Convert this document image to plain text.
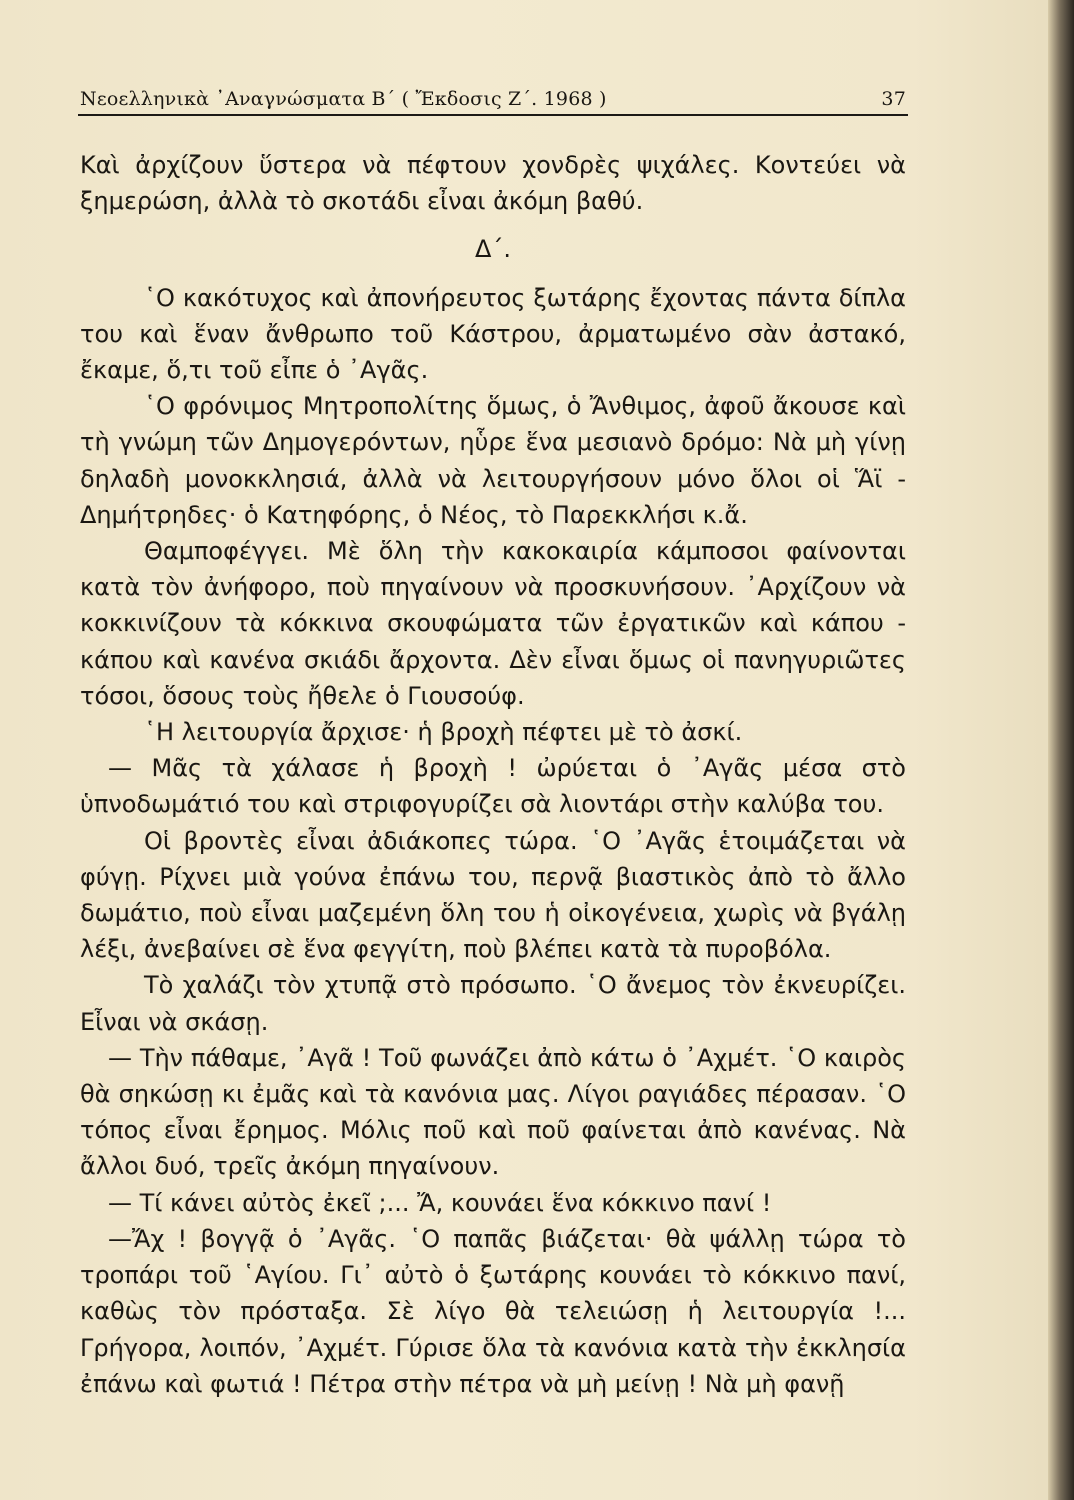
Νεοελληνικὰ ᾿Αναγνώσματα Β΄ ( Ἔκδοσις Ζ΄. 1968 )	37

Καὶ ἀρχίζουν ὕστερα νὰ πέφτουν χονδρὲς ψιχάλες. Κοντεύει νὰ ξημερώση, ἀλλὰ τὸ σκοτάδι εἶναι ἀκόμη βαθύ.

Δ΄.

῾Ο κακότυχος καὶ ἀπονήρευτος ξωτάρης ἔχοντας πάντα δίπλα του καὶ ἕναν ἄνθρωπο τοῦ Κάστρου, ἀρματωμένο σὰν ἀστακό, ἔκαμε, ὅ,τι τοῦ εἶπε ὁ ᾿Αγᾶς.

῾Ο φρόνιμος Μητροπολίτης ὅμως, ὁ Ἄνθιμος, ἀφοῦ ἄκουσε καὶ τὴ γνώμη τῶν Δημογερόντων, ηὗρε ἕνα μεσιανὸ δρόμο: Νὰ μὴ γίνῃ δηλαδὴ μονοκκλησιά, ἀλλὰ νὰ λειτουργήσουν μόνο ὅλοι οἱ Ἅϊ - Δημήτρηδες· ὁ Κατηφόρης, ὁ Νέος, τὸ Παρεκκλήσι κ.ἄ.

Θαμποφέγγει. Μὲ ὅλη τὴν κακοκαιρία κάμποσοι φαίνονται κατὰ τὸν ἀνήφορο, ποὺ πηγαίνουν νὰ προσκυνήσουν. ᾿Αρχίζουν νὰ κοκκινίζουν τὰ κόκκινα σκουφώματα τῶν ἐργατικῶν καὶ κάπου - κάπου καὶ κανένα σκιάδι ἄρχοντα. Δὲν εἶναι ὅμως οἱ πανηγυριῶτες τόσοι, ὅσους τοὺς ἤθελε ὁ Γιουσούφ.

῾Η λειτουργία ἄρχισε· ἡ βροχὴ πέφτει μὲ τὸ ἀσκί.

— Μᾶς τὰ χάλασε ἡ βροχὴ ! ὠρύεται ὁ ᾿Αγᾶς μέσα στὸ ὑπνοδωμάτιό του καὶ στριφογυρίζει σὰ λιοντάρι στὴν καλύβα του.

Οἱ βροντὲς εἶναι ἀδιάκοπες τώρα. ῾Ο ᾿Αγᾶς ἑτοιμάζεται νὰ φύγῃ. Ρίχνει μιὰ γούνα ἐπάνω του, περνᾷ βιαστικὸς ἀπὸ τὸ ἄλλο δωμάτιο, ποὺ εἶναι μαζεμένη ὅλη του ἡ οἰκογένεια, χωρὶς νὰ βγάλῃ λέξι, ἀνεβαίνει σὲ ἕνα φεγγίτη, ποὺ βλέπει κατὰ τὰ πυροβόλα.

Τὸ χαλάζι τὸν χτυπᾷ στὸ πρόσωπο. ῾Ο ἄνεμος τὸν ἐκνευρίζει. Εἶναι νὰ σκάσῃ.

— Τὴν πάθαμε, ᾿Αγᾶ ! Τοῦ φωνάζει ἀπὸ κάτω ὁ ᾿Αχμέτ. ῾Ο καιρὸς θὰ σηκώσῃ κι ἐμᾶς καὶ τὰ κανόνια μας. Λίγοι ραγιάδες πέρασαν. ῾Ο τόπος εἶναι ἔρημος. Μόλις ποῦ καὶ ποῦ φαίνεται ἀπὸ κανένας. Νὰ ἄλλοι δυό, τρεῖς ἀκόμη πηγαίνουν.

— Τί κάνει αὐτὸς ἐκεῖ ;... Ἄ, κουνάει ἕνα κόκκινο πανί !

—Ἄχ ! βογγᾷ ὁ ᾿Αγᾶς. ῾Ο παπᾶς βιάζεται· θὰ ψάλλῃ τώρα τὸ τροπάρι τοῦ ῾Αγίου. Γι᾿ αὐτὸ ὁ ξωτάρης κουνάει τὸ κόκκινο πανί, καθὼς τὸν πρόσταξα. Σὲ λίγο θὰ τελειώσῃ ἡ λειτουργία !... Γρήγορα, λοιπόν, ᾿Αχμέτ. Γύρισε ὅλα τὰ κανόνια κατὰ τὴν ἐκκλησία ἐπάνω καὶ φωτιά ! Πέτρα στὴν πέτρα νὰ μὴ μείνῃ ! Νὰ μὴ φανῇ
